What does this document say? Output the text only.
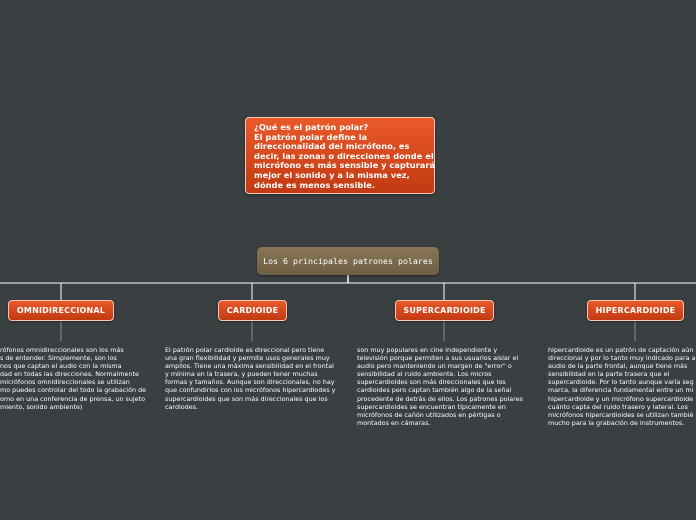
¿Qué es el patrón polar?
El patrón polar define la
direccionalidad del micrófono, es
decir, las zonas o direcciones donde el
micrófono es más sensible y capturará
mejor el sonido y a la misma vez,
dónde es menos sensible.
Los 6 principales patrones polares
OMNIDIRECCIONAL	CARDIOIDE	SUPERCARDIOIDE	HIPERCARDIOIDE
rófonos omnidireccionales son los más
s de entender. Simplemente, son los
nos que captan el audio con la misma
dad en todas las direcciones. Normalmente
micrófonos omnidireccionales se utilizan
mo puedes controlar del todo la grabación de
omo en una conferencia de prensa, un sujeto
miento, sonido ambiente)
El patrón polar cardioide es direccional pero tiene
una gran flexibilidad y permite usos generales muy
amplios. Tiene una máxima sensibilidad en el frontal
y mínima en la trasera, y pueden tener muchas
formas y tamaños. Aunque son direccionales, no hay
que confundirlos con los micrófonos hipercardiodes y
supercardioides que son más direccionales que los
cardiodes.
son muy populares en cine independiente y
televisión porque permiten a sus usuarios aislar el
audio pero manteniendo un margen de "error" o
sensibilidad al ruido ambiente. Los micros
supercardioides son más direccionales que los
cardioides pero captan también algo de la señal
procedente de detrás de ellos. Los patrones polares
supercardioides se encuentran típicamente en
micrófonos de cañón utilizados en pértigas o
montados en cámaras.
hipercardioide es un patrón de captación aún
direccional y por lo tanto muy indicado para a
audio de la parte frontal, aunque tiene más
sensibilidad en la parte trasera que el
supercardioide. Por lo tanto aunque varía seg
marca, la diferencia fundamental entre un mi
hipercardioide y un micrófono supercardioide
cuánto capta del ruido trasero y lateral. Los
micrófonos hipercardioides se utilizan tambié
mucho para la grabación de instrumentos.
